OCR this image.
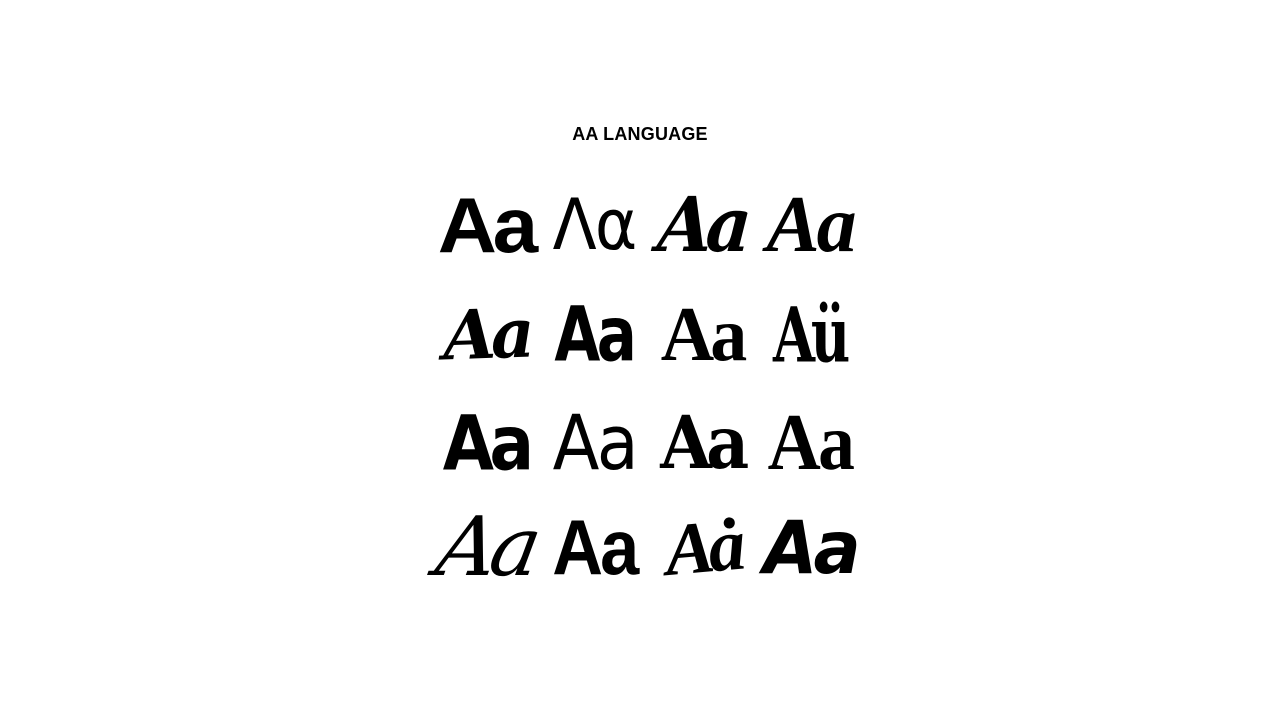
AA LANGUAGE
Aa Λα Aa Aa
Aa Aa Aa Aü
Aa Aa Aa Aa
Aa Aa Aȧ Aa
